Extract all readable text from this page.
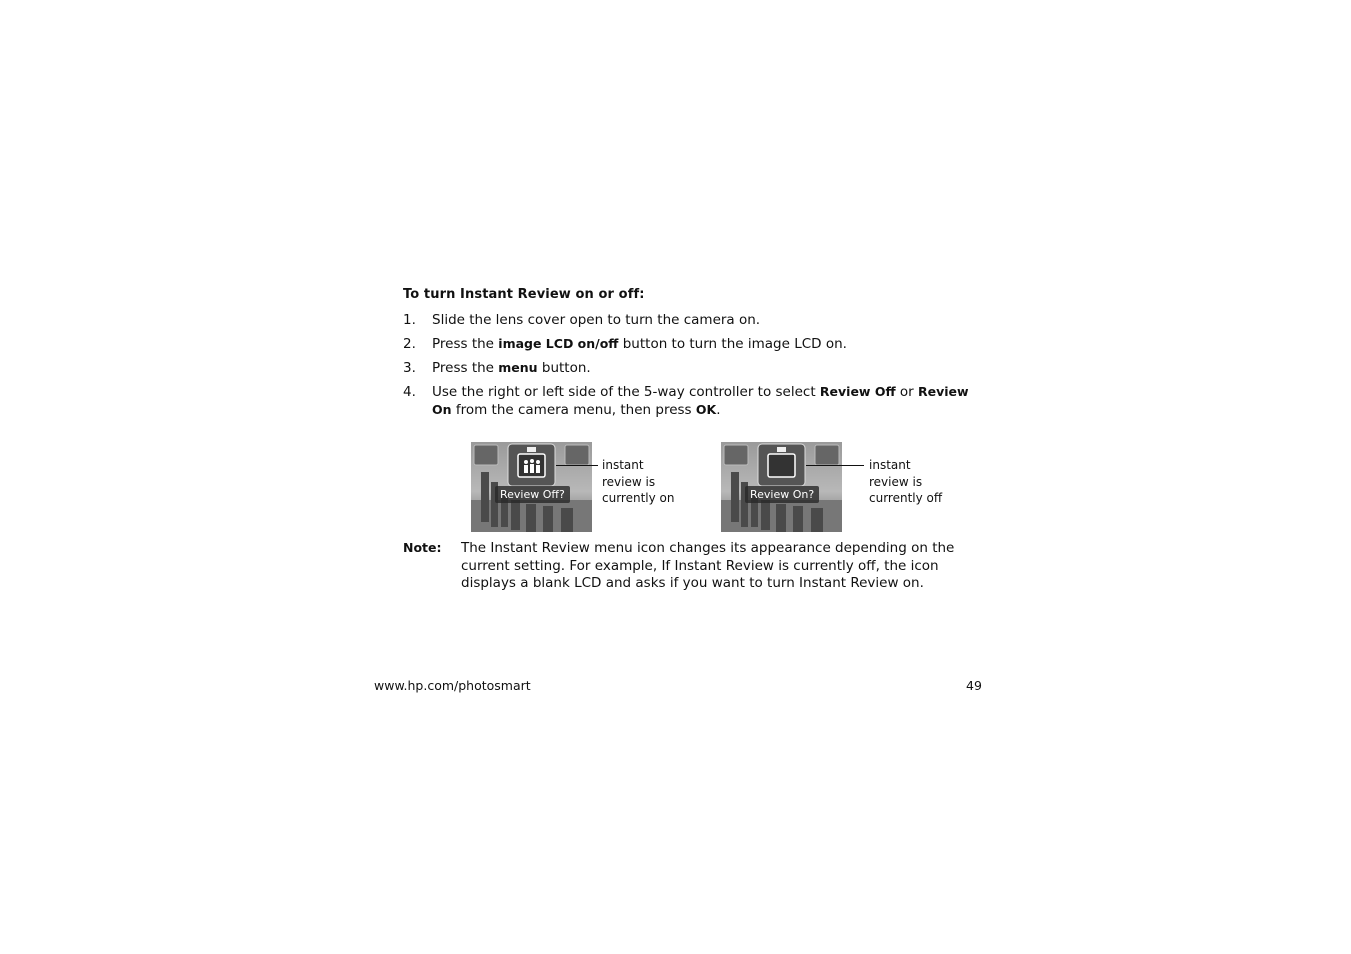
To turn Instant Review on or off:
1. Slide the lens cover open to turn the camera on.
2. Press the image LCD on/off button to turn the image LCD on.
3. Press the menu button.
4. Use the right or left side of the 5-way controller to select Review Off or Review On from the camera menu, then press OK.
Review Off?
instant
review is
currently on	Review On?
instant
review is
currently off
Note: The Instant Review menu icon changes its appearance depending on the current setting. For example, If Instant Review is currently off, the icon displays a blank LCD and asks if you want to turn Instant Review on.
www.hp.com/photosmart	49
